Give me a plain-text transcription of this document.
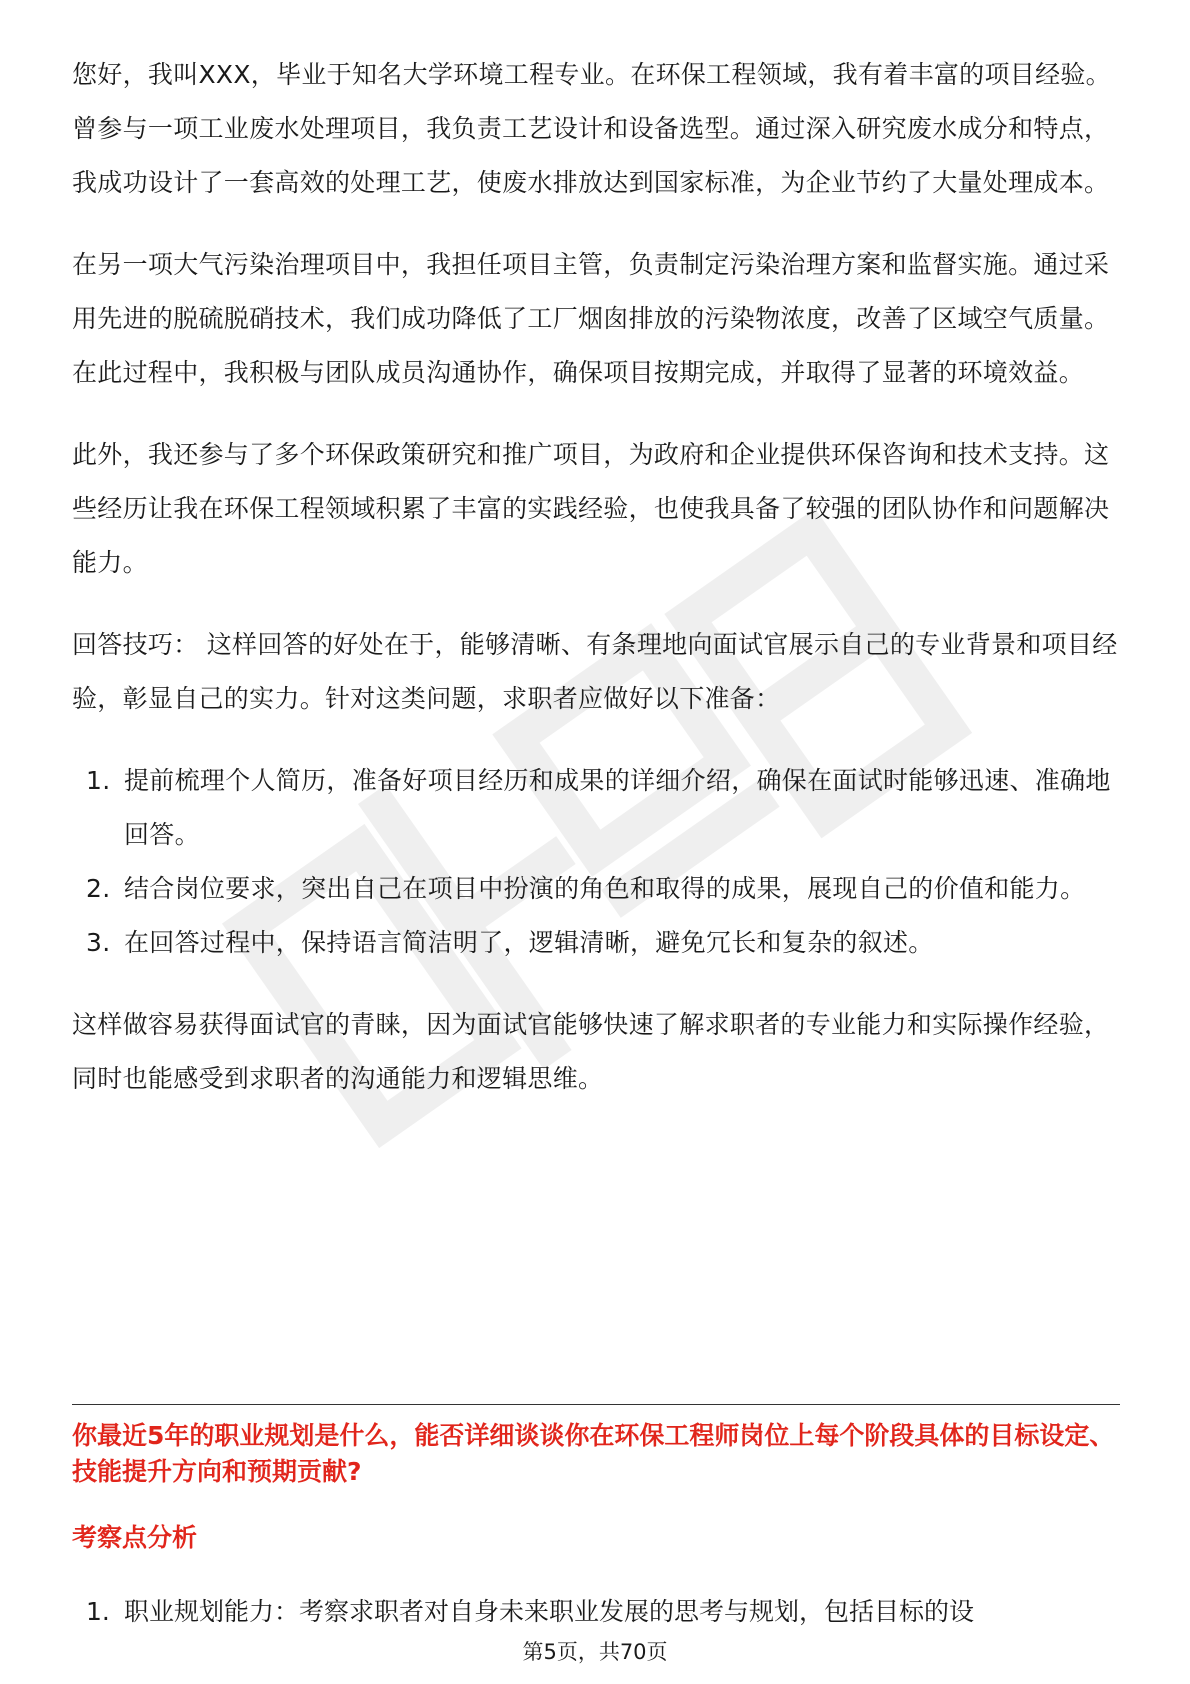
您好，我叫XXX，毕业于知名大学环境工程专业。在环保工程领域，我有着丰富的项目经验。曾参与一项工业废水处理项目，我负责工艺设计和设备选型。通过深入研究废水成分和特点，我成功设计了一套高效的处理工艺，使废水排放达到国家标准，为企业节约了大量处理成本。

在另一项大气污染治理项目中，我担任项目主管，负责制定污染治理方案和监督实施。通过采用先进的脱硫脱硝技术，我们成功降低了工厂烟囱排放的污染物浓度，改善了区域空气质量。在此过程中，我积极与团队成员沟通协作，确保项目按期完成，并取得了显著的环境效益。

此外，我还参与了多个环保政策研究和推广项目，为政府和企业提供环保咨询和技术支持。这些经历让我在环保工程领域积累了丰富的实践经验，也使我具备了较强的团队协作和问题解决能力。

回答技巧： 这样回答的好处在于，能够清晰、有条理地向面试官展示自己的专业背景和项目经验，彰显自己的实力。针对这类问题，求职者应做好以下准备：

1. 提前梳理个人简历，准备好项目经历和成果的详细介绍，确保在面试时能够迅速、准确地回答。
2. 结合岗位要求，突出自己在项目中扮演的角色和取得的成果，展现自己的价值和能力。
3. 在回答过程中，保持语言简洁明了，逻辑清晰，避免冗长和复杂的叙述。

这样做容易获得面试官的青睐，因为面试官能够快速了解求职者的专业能力和实际操作经验，同时也能感受到求职者的沟通能力和逻辑思维。

你最近5年的职业规划是什么，能否详细谈谈你在环保工程师岗位上每个阶段具体的目标设定、技能提升方向和预期贡献?

考察点分析

1. 职业规划能力：考察求职者对自身未来职业发展的思考与规划，包括目标的设
第5页，共70页
